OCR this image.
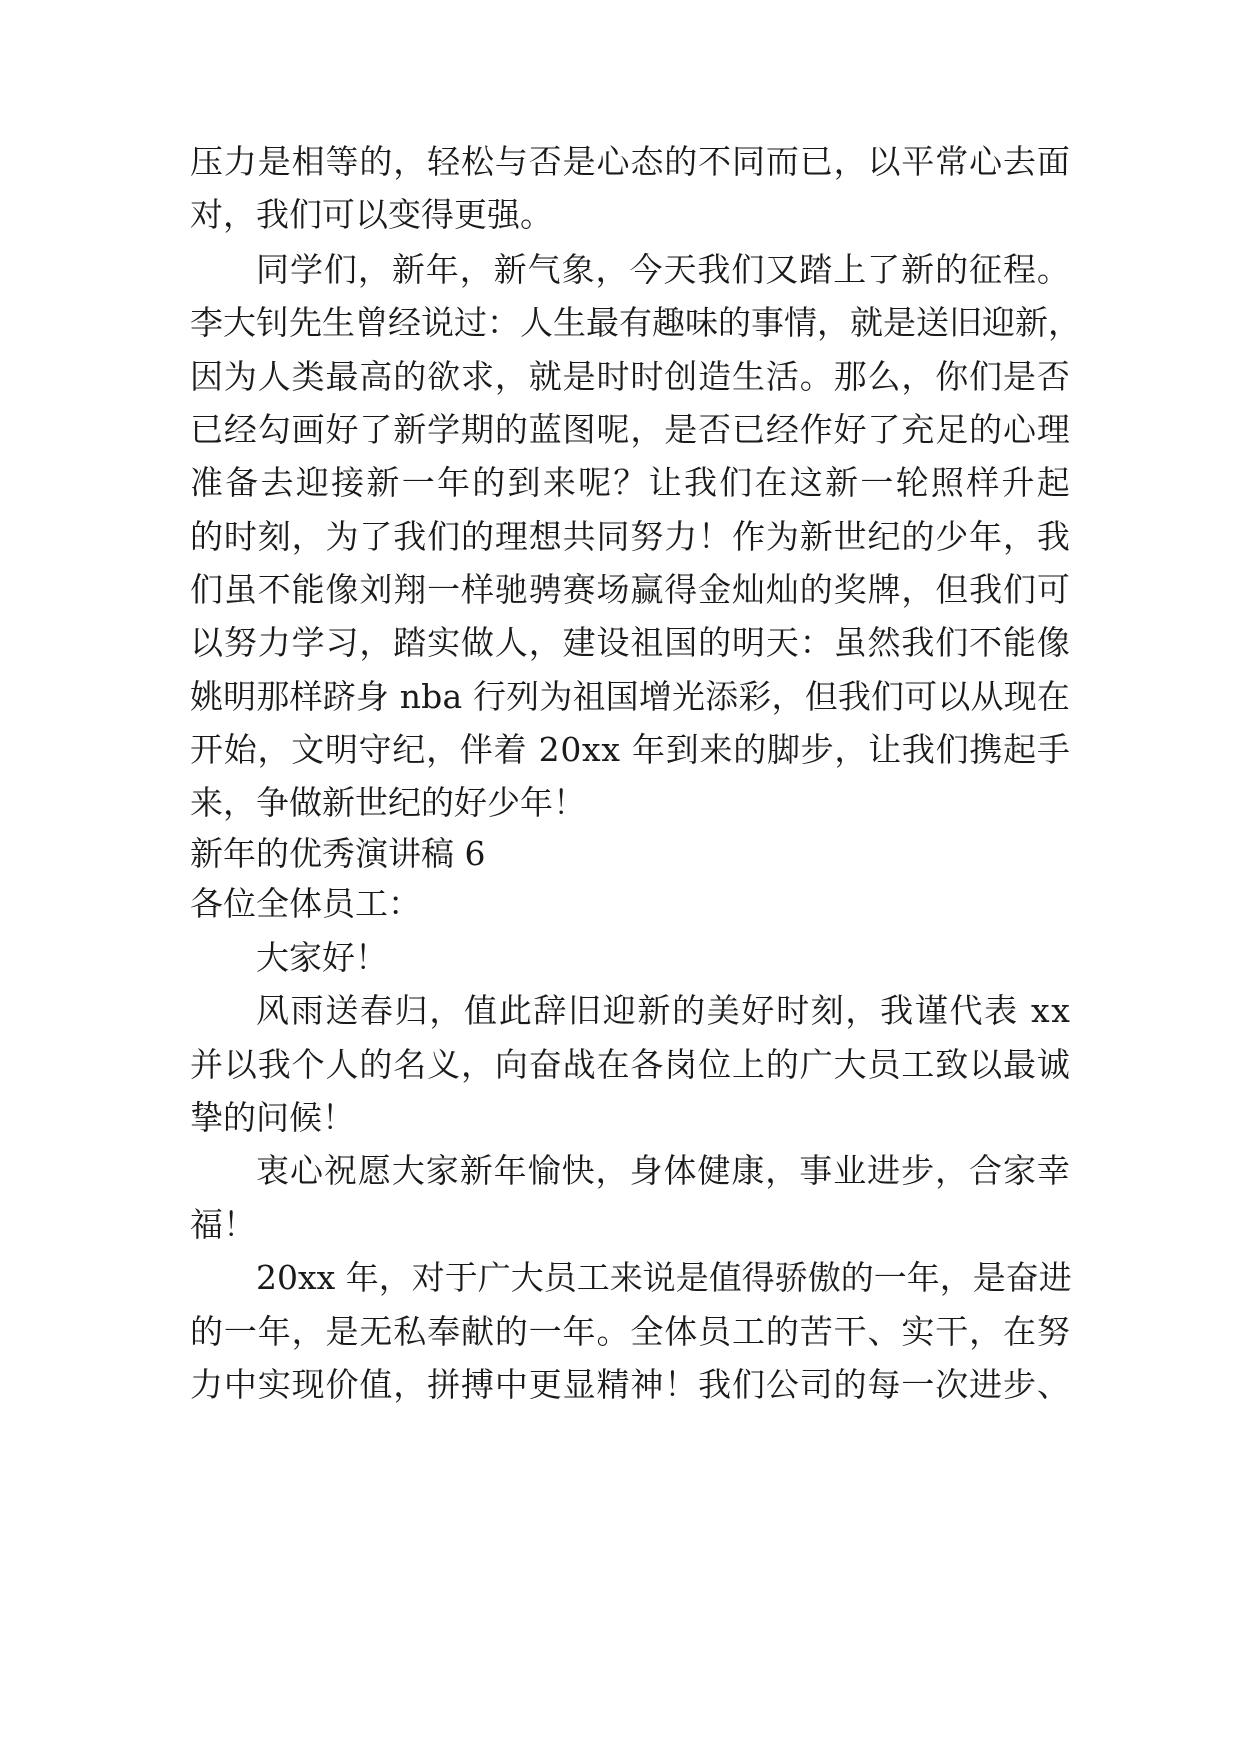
压 力 是 相 等 的 ， 轻 松 与 否 是 心 态 的 不 同 而 已 ， 以 平 常 心 去 面
对，我们可以变得更强。
同 学 们 ， 新 年 ， 新 气 象 ， 今 天 我 们 又 踏 上 了 新 的 征 程 。
李 大 钊 先 生 曾 经 说 过 ： 人 生 最 有 趣 味 的 事 情 ， 就 是 送 旧 迎 新 ，
因 为 人 类 最 高 的 欲 求 ， 就 是 时 时 创 造 生 活 。 那 么 ， 你 们 是 否
已 经 勾 画 好 了 新 学 期 的 蓝 图 呢 ， 是 否 已 经 作 好 了 充 足 的 心 理
准 备 去 迎 接 新 一 年 的 到 来 呢 ？ 让 我 们 在 这 新 一 轮 照 样 升 起
的 时 刻 ， 为 了 我 们 的 理 想 共 同 努 力 ！ 作 为 新 世 纪 的 少 年 ， 我
们 虽 不 能 像 刘 翔 一 样 驰 骋 赛 场 赢 得 金 灿 灿 的 奖 牌 ， 但 我 们 可
以 努 力 学 习 ， 踏 实 做 人 ， 建 设 祖 国 的 明 天 ： 虽 然 我 们 不 能 像
姚 明 那 样 跻 身
n b a
行 列 为 祖 国 增 光 添 彩 ， 但 我 们 可 以 从 现 在
开 始 ， 文 明 守 纪 ， 伴 着
2 0 x x
年 到 来 的 脚 步 ， 让 我 们 携 起 手
来，争做新世纪的好少年！
新年的优秀演讲稿 6
各位全体员工：
大家好！
风 雨 送 春 归 ， 值 此 辞 旧 迎 新 的 美 好 时 刻 ， 我 谨 代 表
x x
并 以 我 个 人 的 名 义 ， 向 奋 战 在 各 岗 位 上 的 广 大 员 工 致 以 最 诚
挚的问候！
衷 心 祝 愿 大 家 新 年 愉 快 ， 身 体 健 康 ， 事 业 进 步 ， 合 家 幸
福！
2 0 x x
年 ， 对 于 广 大 员 工 来 说 是 值 得 骄 傲 的 一 年 ， 是 奋 进
的 一 年 ， 是 无 私 奉 献 的 一 年 。 全 体 员 工 的 苦 干 、 实 干 ， 在 努
力 中 实 现 价 值 ， 拼 搏 中 更 显 精 神 ！ 我 们 公 司 的 每 一 次 进 步 、
